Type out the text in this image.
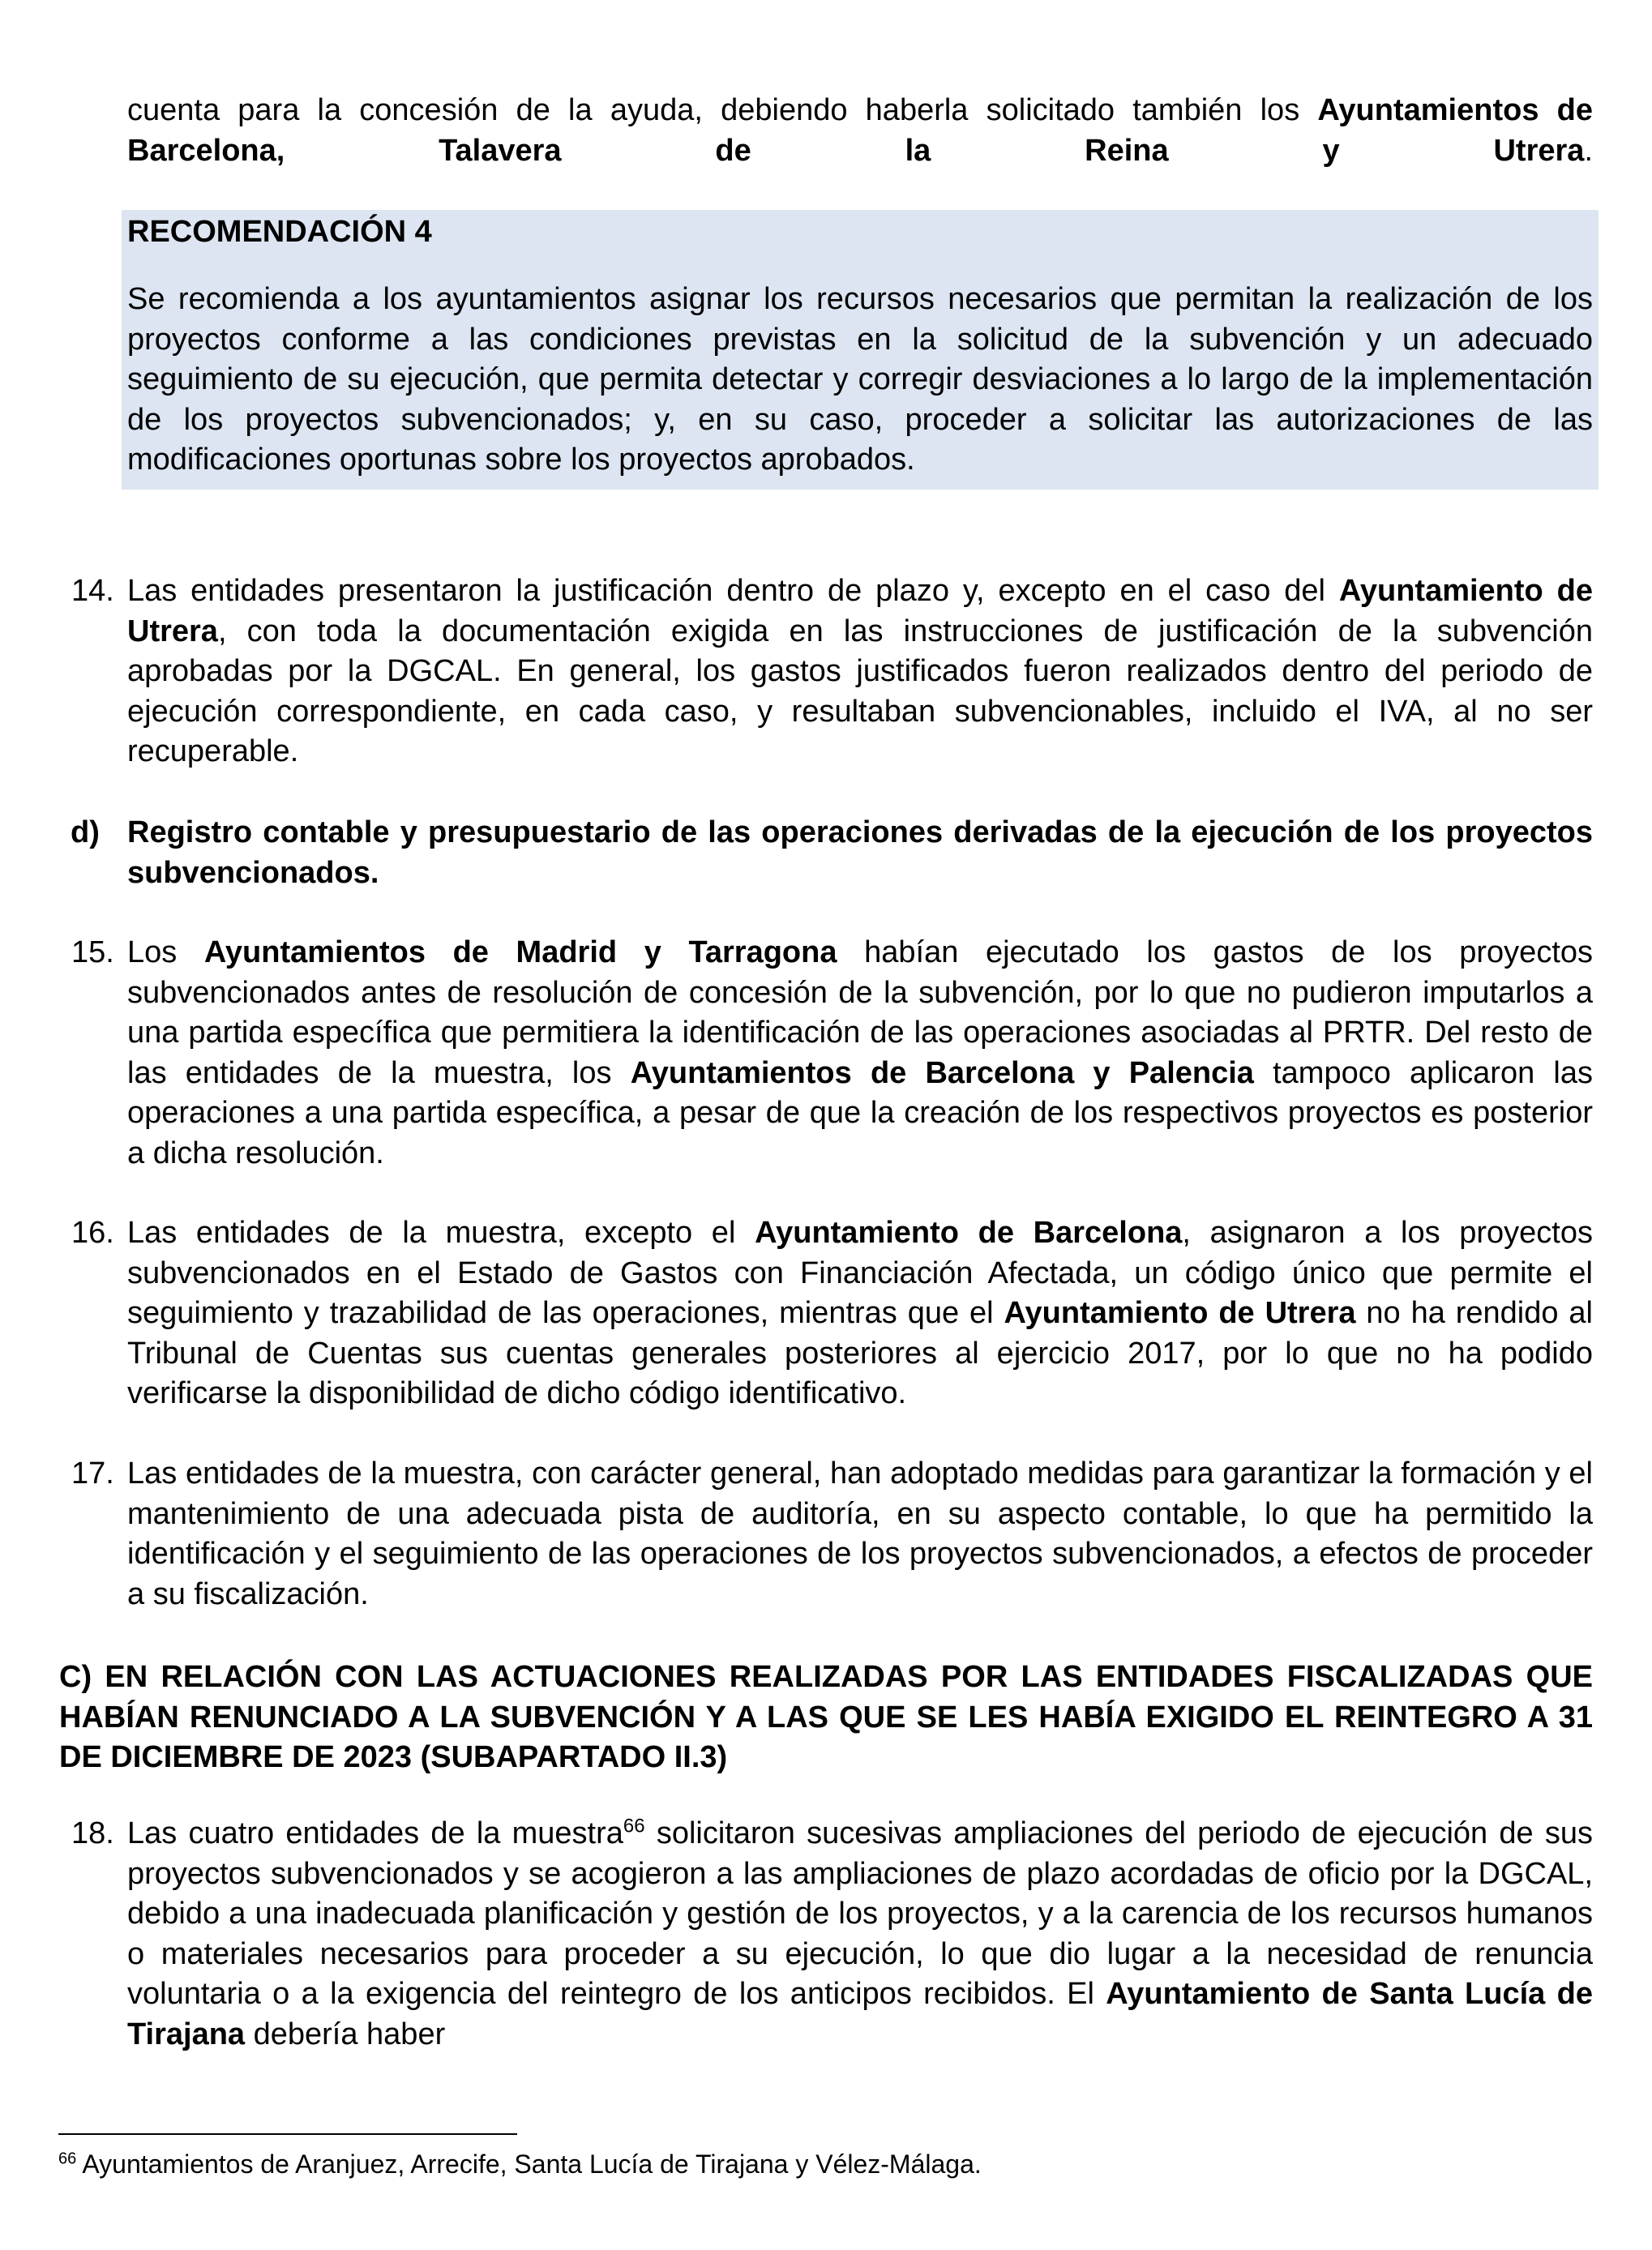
cuenta para la concesión de la ayuda, debiendo haberla solicitado también los Ayuntamientos de Barcelona, Talavera de la Reina y Utrera.
RECOMENDACIÓN 4
Se recomienda a los ayuntamientos asignar los recursos necesarios que permitan la realización de los proyectos conforme a las condiciones previstas en la solicitud de la subvención y un adecuado seguimiento de su ejecución, que permita detectar y corregir desviaciones a lo largo de la implementación de los proyectos subvencionados; y, en su caso, proceder a solicitar las autorizaciones de las modificaciones oportunas sobre los proyectos aprobados.
14. Las entidades presentaron la justificación dentro de plazo y, excepto en el caso del Ayuntamiento de Utrera, con toda la documentación exigida en las instrucciones de justificación de la subvención aprobadas por la DGCAL. En general, los gastos justificados fueron realizados dentro del periodo de ejecución correspondiente, en cada caso, y resultaban subvencionables, incluido el IVA, al no ser recuperable.
d) Registro contable y presupuestario de las operaciones derivadas de la ejecución de los proyectos subvencionados.
15. Los Ayuntamientos de Madrid y Tarragona habían ejecutado los gastos de los proyectos subvencionados antes de resolución de concesión de la subvención, por lo que no pudieron imputarlos a una partida específica que permitiera la identificación de las operaciones asociadas al PRTR. Del resto de las entidades de la muestra, los Ayuntamientos de Barcelona y Palencia tampoco aplicaron las operaciones a una partida específica, a pesar de que la creación de los respectivos proyectos es posterior a dicha resolución.
16. Las entidades de la muestra, excepto el Ayuntamiento de Barcelona, asignaron a los proyectos subvencionados en el Estado de Gastos con Financiación Afectada, un código único que permite el seguimiento y trazabilidad de las operaciones, mientras que el Ayuntamiento de Utrera no ha rendido al Tribunal de Cuentas sus cuentas generales posteriores al ejercicio 2017, por lo que no ha podido verificarse la disponibilidad de dicho código identificativo.
17. Las entidades de la muestra, con carácter general, han adoptado medidas para garantizar la formación y el mantenimiento de una adecuada pista de auditoría, en su aspecto contable, lo que ha permitido la identificación y el seguimiento de las operaciones de los proyectos subvencionados, a efectos de proceder a su fiscalización.
C) EN RELACIÓN CON LAS ACTUACIONES REALIZADAS POR LAS ENTIDADES FISCALIZADAS QUE HABÍAN RENUNCIADO A LA SUBVENCIÓN Y A LAS QUE SE LES HABÍA EXIGIDO EL REINTEGRO A 31 DE DICIEMBRE DE 2023 (SUBAPARTADO II.3)
18. Las cuatro entidades de la muestra$^{66}$ solicitaron sucesivas ampliaciones del periodo de ejecución de sus proyectos subvencionados y se acogieron a las ampliaciones de plazo acordadas de oficio por la DGCAL, debido a una inadecuada planificación y gestión de los proyectos, y a la carencia de los recursos humanos o materiales necesarios para proceder a su ejecución, lo que dio lugar a la necesidad de renuncia voluntaria o a la exigencia del reintegro de los anticipos recibidos. El Ayuntamiento de Santa Lucía de Tirajana debería haber
$^{66}$ Ayuntamientos de Aranjuez, Arrecife, Santa Lucía de Tirajana y Vélez-Málaga.
